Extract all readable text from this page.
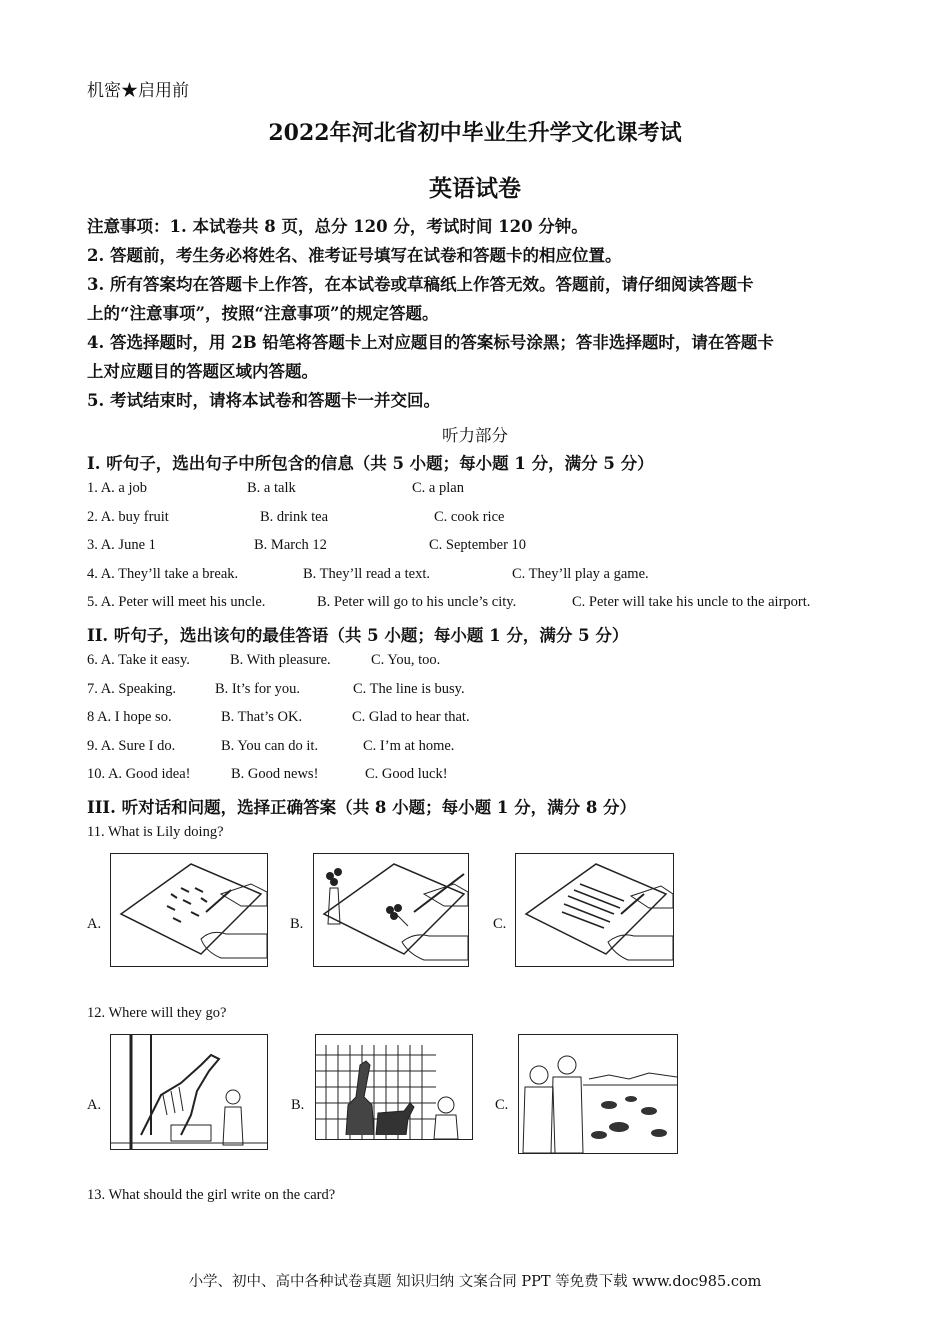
机密★启用前
2022年河北省初中毕业生升学文化课考试
英语试卷

注意事项：1. 本试卷共 8 页，总分 120 分，考试时间 120 分钟。

2. 答题前，考生务必将姓名、准考证号填写在试卷和答题卡的相应位置。

3. 所有答案均在答题卡上作答，在本试卷或草稿纸上作答无效。答题前，请仔细阅读答题卡

上的“注意事项”，按照“注意事项”的规定答题。

4. 答选择题时，用 2B 铅笔将答题卡上对应题目的答案标号涂黑；答非选择题时，请在答题卡

上对应题目的答题区域内答题。

5. 考试结束时，请将本试卷和答题卡一并交回。

听力部分
Ⅰ. 听句子，选出句子中所包含的信息（共 5 小题；每小题 1 分，满分 5 分）
1. A. a job	B. a talk	C. a plan
2. A. buy fruit	B. drink tea	C. cook rice
3. A. June 1	B. March 12	C. September 10
4. A. They’ll take a break.	B. They’ll read a text.	C. They’ll play a game.
5. A. Peter will meet his uncle.	B. Peter will go to his uncle’s city.	C. Peter will take his uncle to the airport.
II. 听句子，选出该句的最佳答语（共 5 小题；每小题 1 分，满分 5 分）
6. A. Take it easy.	B. With pleasure.	C. You, too.
7. A. Speaking.	B. It’s for you.	C. The line is busy.
8 A. I hope so.	B. That’s OK.	C. Glad to hear that.
9. A. Sure I do.	B. You can do it.	C. I’m at home.
10. A. Good idea!	B. Good news!	C. Good luck!
III. 听对话和问题，选择正确答案（共 8 小题；每小题 1 分，满分 8 分）
11. What is Lily doing?
A.	B.	C.
12. Where will they go?
A.	B.	C.
13. What should the girl write on the card?
小学、初中、高中各种试卷真题 知识归纳 文案合同 PPT 等免费下载 www.doc985.com
